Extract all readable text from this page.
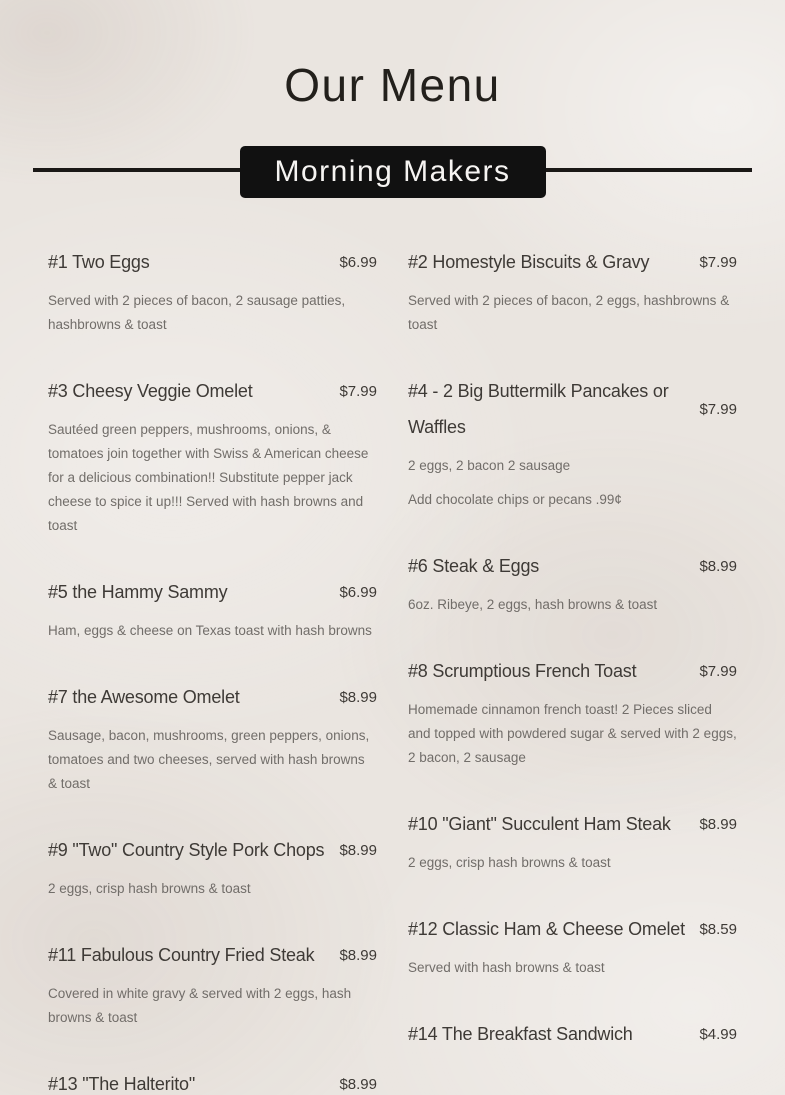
Our Menu
Morning Makers
#1 Two Eggs	$6.99

Served with 2 pieces of bacon, 2 sausage patties, hashbrowns & toast

#3 Cheesy Veggie Omelet	$7.99

Sautéed green peppers, mushrooms, onions, & tomatoes join together with Swiss & American cheese for a delicious combination!! Substitute pepper jack cheese to spice it up!!! Served with hash browns and toast

#5 the Hammy Sammy	$6.99

Ham, eggs & cheese on Texas toast with hash browns

#7 the Awesome Omelet	$8.99

Sausage, bacon, mushrooms, green peppers, onions, tomatoes and two cheeses, served with hash browns & toast

#9 "Two" Country Style Pork Chops $8.99

2 eggs, crisp hash browns & toast

#11 Fabulous Country Fried Steak	$8.99

Covered in white gravy & served with 2 eggs, hash browns & toast

#13 "The Halterito"	$8.99
#2 Homestyle Biscuits & Gravy	$7.99

Served with 2 pieces of bacon, 2 eggs, hashbrowns & toast

#4 - 2 Big Buttermilk Pancakes or Waffles
$7.99

2 eggs, 2 bacon 2 sausage

Add chocolate chips or pecans .99¢

#6 Steak & Eggs	$8.99

6oz. Ribeye, 2 eggs, hash browns & toast

#8 Scrumptious French Toast	$7.99

Homemade cinnamon french toast! 2 Pieces sliced and topped with powdered sugar & served with 2 eggs, 2 bacon, 2 sausage

#10 "Giant" Succulent Ham Steak	$8.99

2 eggs, crisp hash browns & toast

#12 Classic Ham & Cheese Omelet $8.59

Served with hash browns & toast

#14 The Breakfast Sandwich	$4.99
